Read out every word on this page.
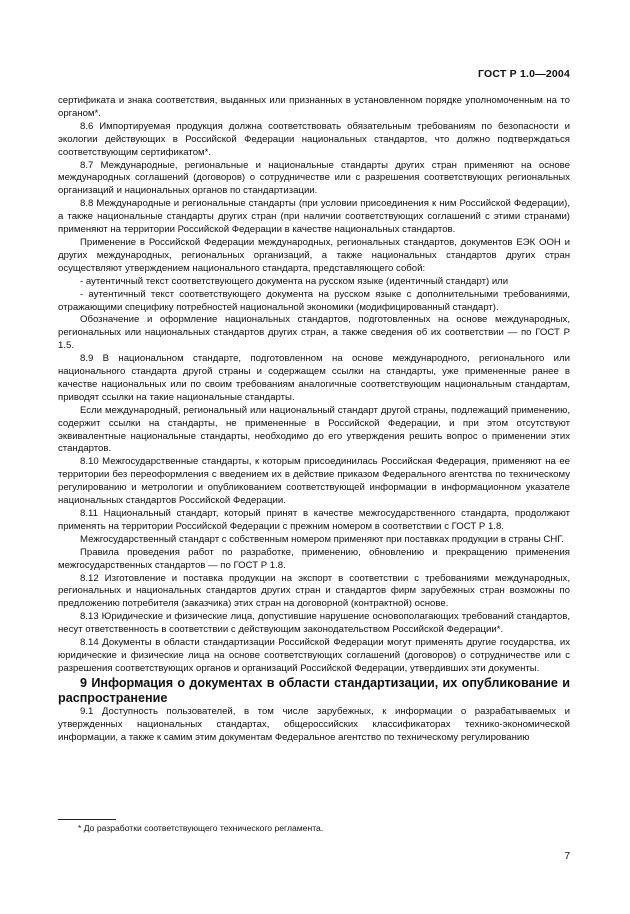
ГОСТ Р 1.0—2004

сертификата и знака соответствия, выданных или признанных в установленном порядке уполномоченным на то органом*.

8.6 Импортируемая продукция должна соответствовать обязательным требованиям по безопасности и экологии действующих в Российской Федерации национальных стандартов, что должно подтверждаться соответствующим сертификатом*.

8.7 Международные, региональные и национальные стандарты других стран применяют на основе международных соглашений (договоров) о сотрудничестве или с разрешения соответствующих региональных организаций и национальных органов по стандартизации.

8.8 Международные и региональные стандарты (при условии присоединения к ним Российской Федерации), а также национальные стандарты других стран (при наличии соответствующих соглашений с этими странами) применяют на территории Российской Федерации в качестве национальных стандартов.

Применение в Российской Федерации международных, региональных стандартов, документов ЕЭК ООН и других международных, региональных организаций, а также национальных стандартов других стран осуществляют утверждением национального стандарта, представляющего собой:

- аутентичный текст соответствующего документа на русском языке (идентичный стандарт) или

- аутентичный текст соответствующего документа на русском языке с дополнительными требованиями, отражающими специфику потребностей национальной экономики (модифицированный стандарт).

Обозначение и оформление национальных стандартов, подготовленных на основе международных, региональных или национальных стандартов других стран, а также сведения об их соответствии — по ГОСТ Р 1.5.

8.9 В национальном стандарте, подготовленном на основе международного, регионального или национального стандарта другой страны и содержащем ссылки на стандарты, уже примененные ранее в качестве национальных или по своим требованиям аналогичные соответствующим национальным стандартам, приводят ссылки на такие национальные стандарты.

Если международный, региональный или национальный стандарт другой страны, подлежащий применению, содержит ссылки на стандарты, не примененные в Российской Федерации, и при этом отсутствуют эквивалентные национальные стандарты, необходимо до его утверждения решить вопрос о применении этих стандартов.

8.10 Межгосударственные стандарты, к которым присоединилась Российская Федерация, применяют на ее территории без переоформления с введением их в действие приказом Федерального агентства по техническому регулированию и метрологии и опубликованием соответствующей информации в информационном указателе национальных стандартов Российской Федерации.

8.11 Национальный стандарт, который принят в качестве межгосударственного стандарта, продолжают применять на территории Российской Федерации с прежним номером в соответствии с ГОСТ Р 1.8.

Межгосударственный стандарт с собственным номером применяют при поставках продукции в страны СНГ.

Правила проведения работ по разработке, применению, обновлению и прекращению применения межгосударственных стандартов — по ГОСТ Р 1.8.

8.12 Изготовление и поставка продукции на экспорт в соответствии с требованиями международных, региональных и национальных стандартов других стран и стандартов фирм зарубежных стран возможны по предложению потребителя (заказчика) этих стран на договорной (контрактной) основе.

8.13 Юридические и физические лица, допустившие нарушение основополагающих требований стандартов, несут ответственность в соответствии с действующим законодательством Российской Федерации*.

8.14 Документы в области стандартизации Российской Федерации могут применять другие государства, их юридические и физические лица на основе соответствующих соглашений (договоров) о сотрудничестве или с разрешения соответствующих органов и организаций Российской Федерации, утвердивших эти документы.

9 Информация о документах в области стандартизации, их опубликование и распространение

9.1 Доступность пользователей, в том числе зарубежных, к информации о разрабатываемых и утвержденных национальных стандартах, общероссийских классификаторах технико-экономической информации, а также к самим этим документам Федеральное агентство по техническому регулированию

* До разработки соответствующего технического регламента.
7
